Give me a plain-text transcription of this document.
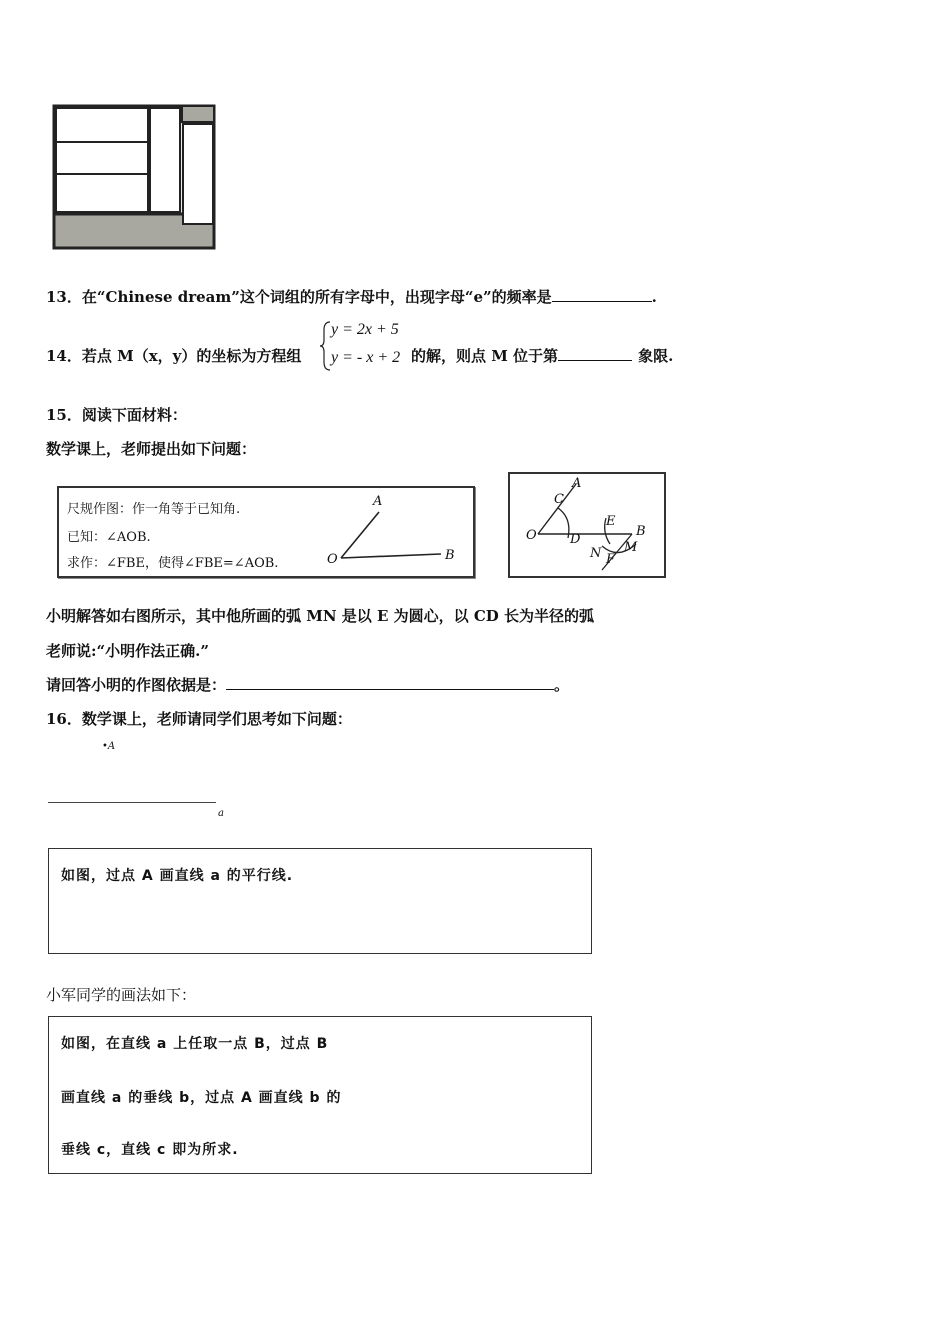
13．在“Chinese dream”这个词组的所有字母中，出现字母“e”的频率是	.
14．若点 M（x，y）的坐标为方程组
y = 2x + 5
y = - x + 2 的解，则点 M 位于第	象限.
15．阅读下面材料：
数学课上，老师提出如下问题：
尺规作图：作一角等于已知角.
已知：∠AOB.
求作：∠FBE，使得∠FBE=∠AOB.
A
O	B
C
A
O	D
E
B
N M
F
小明解答如右图所示，其中他所画的弧 MN 是以 E 为圆心，以 CD 长为半径的弧
老师说:“小明作法正确.”
请回答小明的作图依据是：	。
16．数学课上，老师请同学们思考如下问题：
•A
a
如图，过点 A 画直线 a 的平行线.
小军同学的画法如下：
如图，在直线 a 上任取一点 B，过点 B
画直线 a 的垂线 b，过点 A 画直线 b 的
垂线 c，直线 c 即为所求.
